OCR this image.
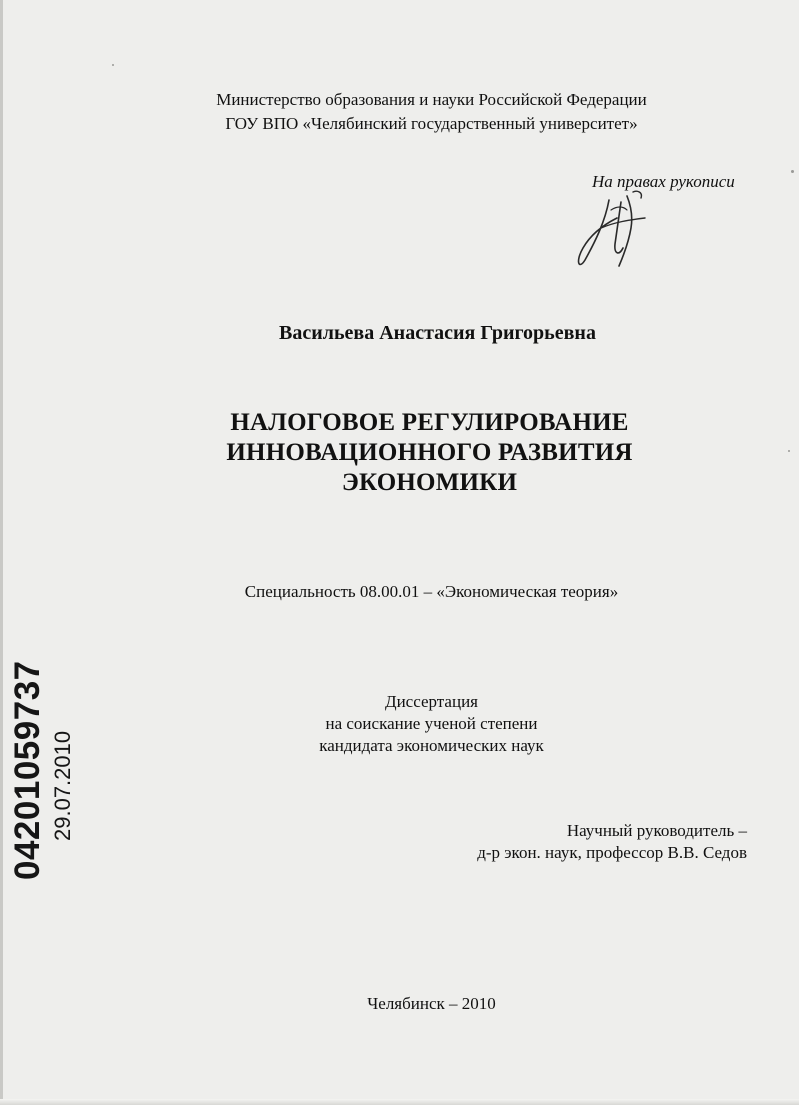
Министерство образования и науки Российской Федерации
ГОУ ВПО «Челябинский государственный университет»
На правах рукописи
Васильева Анастасия Григорьевна
НАЛОГОВОЕ РЕГУЛИРОВАНИЕ
ИННОВАЦИОННОГО РАЗВИТИЯ
ЭКОНОМИКИ
Специальность 08.00.01 – «Экономическая теория»
Диссертация
на соискание ученой степени
кандидата экономических наук
Научный руководитель –
д-р экон. наук, профессор В.В. Седов
Челябинск – 2010
04201059737 29.07.2010
